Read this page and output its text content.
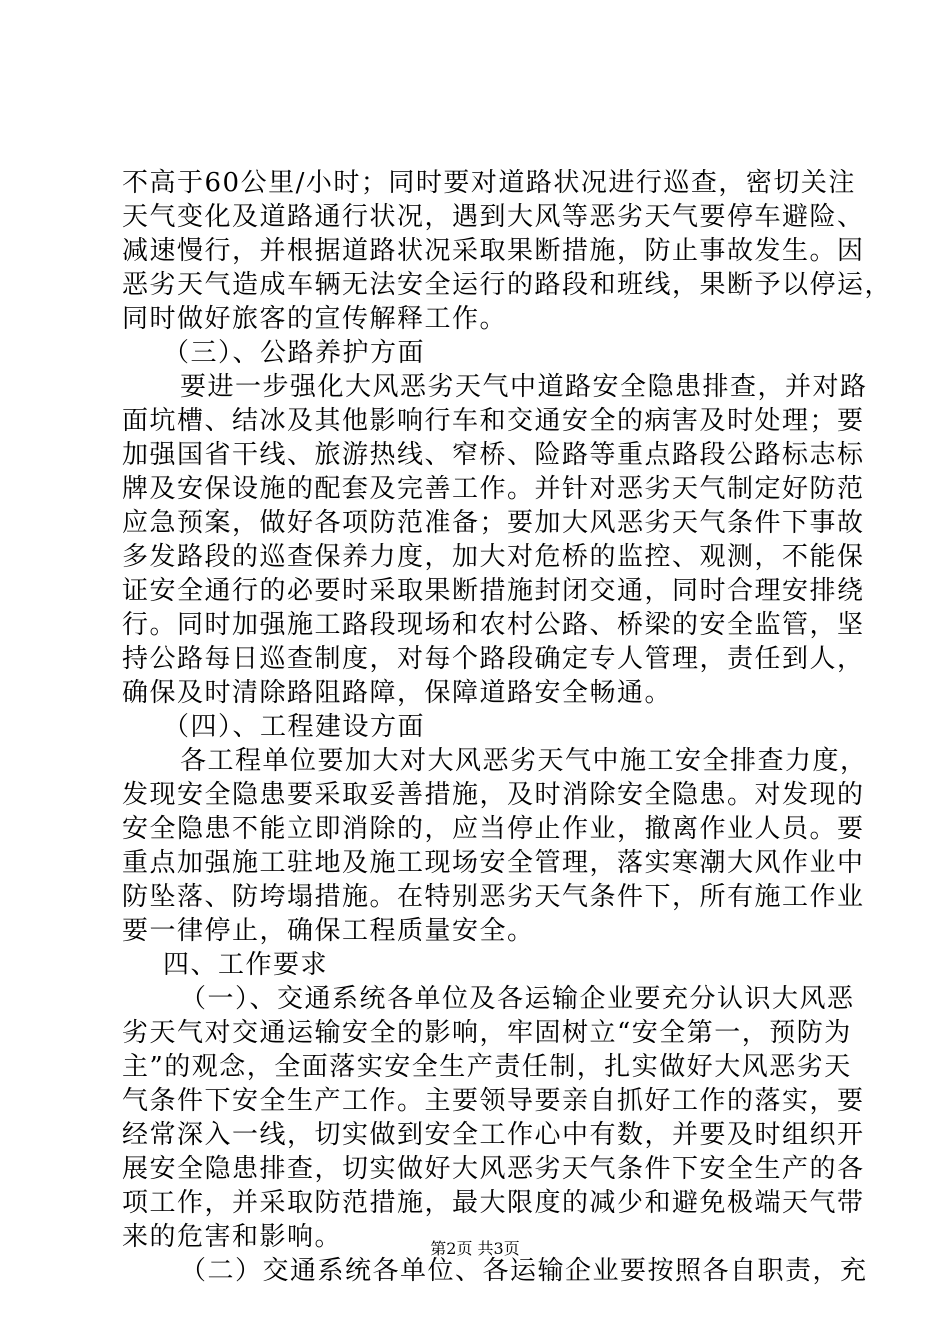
不高于60公里/小时；同时要对道路状况进行巡查，密切关注
天气变化及道路通行状况，遇到大风等恶劣天气要停车避险、
减速慢行，并根据道路状况采取果断措施，防止事故发生。因
恶劣天气造成车辆无法安全运行的路段和班线，果断予以停运，
同时做好旅客的宣传解释工作。
（三）、公路养护方面
要进一步强化大风恶劣天气中道路安全隐患排查，并对路
面坑槽、结冰及其他影响行车和交通安全的病害及时处理；要
加强国省干线、旅游热线、窄桥、险路等重点路段公路标志标
牌及安保设施的配套及完善工作。并针对恶劣天气制定好防范
应急预案，做好各项防范准备；要加大风恶劣天气条件下事故
多发路段的巡查保养力度，加大对危桥的监控、观测，不能保
证安全通行的必要时采取果断措施封闭交通，同时合理安排绕
行。同时加强施工路段现场和农村公路、桥梁的安全监管，坚
持公路每日巡查制度，对每个路段确定专人管理，责任到人，
确保及时清除路阻路障，保障道路安全畅通。
（四）、工程建设方面
各工程单位要加大对大风恶劣天气中施工安全排查力度，
发现安全隐患要采取妥善措施，及时消除安全隐患。对发现的
安全隐患不能立即消除的，应当停止作业，撤离作业人员。要
重点加强施工驻地及施工现场安全管理，落实寒潮大风作业中
防坠落、防垮塌措施。在特别恶劣天气条件下，所有施工作业
要一律停止，确保工程质量安全。
四、工作要求
（一）、交通系统各单位及各运输企业要充分认识大风恶
劣天气对交通运输安全的影响，牢固树立“安全第一，预防为
主”的观念，全面落实安全生产责任制，扎实做好大风恶劣天
气条件下安全生产工作。主要领导要亲自抓好工作的落实，要
经常深入一线，切实做到安全工作心中有数，并要及时组织开
展安全隐患排查，切实做好大风恶劣天气条件下安全生产的各
项工作，并采取防范措施，最大限度的减少和避免极端天气带
来的危害和影响。
（二）交通系统各单位、各运输企业要按照各自职责，充
第2页 共3页
